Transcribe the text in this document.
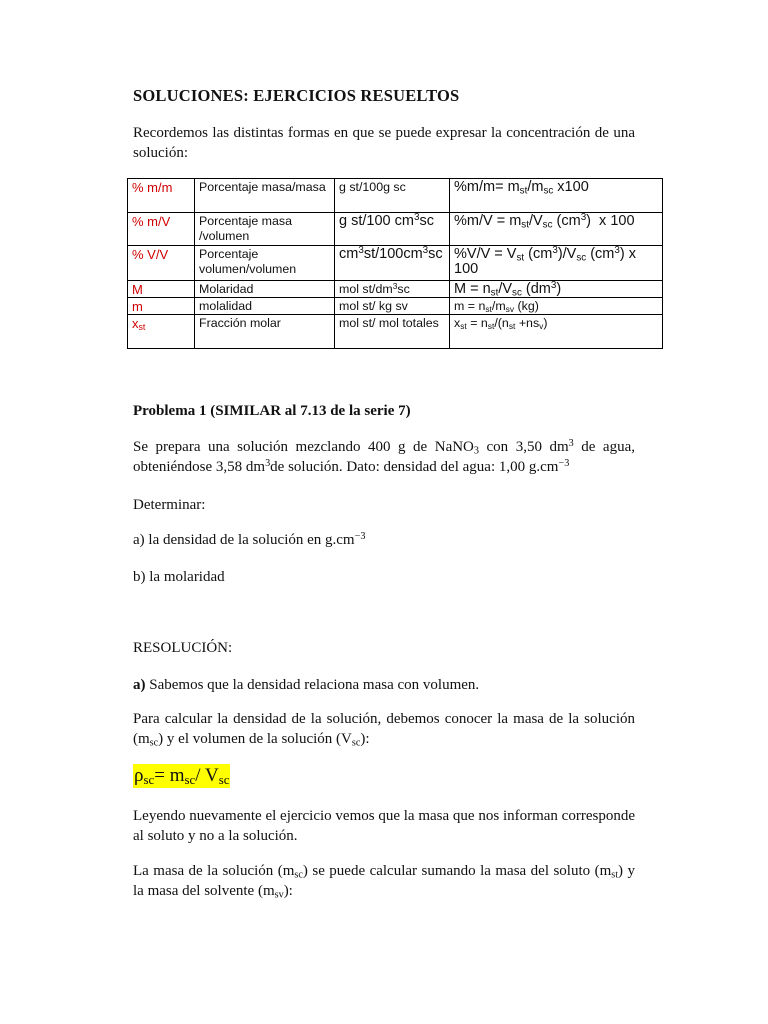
SOLUCIONES: EJERCICIOS RESUELTOS
Recordemos las distintas formas en que se puede expresar la concentración de una solución:
% m/m	Porcentaje masa/masa	g st/100g sc	$\%m/m= m_{st}/m_{sc}$ x100
% m/V	Porcentaje masa /volumen	g st/100 $cm^3sc$	$\%m/V = m_{st}/V_{sc}$ $(cm^3)$  x 100
% V/V	Porcentaje volumen/volumen	$cm^3st/100cm^3sc$	$\%V/V = V_{st}$ $(cm^3)/V_{sc}$ $(cm^3)$ x 100
M	Molaridad	mol $st/dm^3sc$	$M = n_{st}/V_{sc}$ $(dm^3)$
m	molalidad	mol st/ kg sv	$m = n_{st}/m_{sv}$ (kg)
$x_{st}$	Fracción molar	mol st/ mol totales	$x_{st} = n_{st}/(n_{st} +ns_v)$
Problema 1 (SIMILAR al 7.13 de la serie 7)
Se prepara una solución mezclando 400 g de NaNO$_3$ con 3,50 $dm^3$ de agua, obteniéndose 3,58 $dm^3de$ solución. Dato: densidad del agua: 1,00 $g.cm^{-3}$
Determinar:
a) la densidad de la solución en $g.cm^{-3}$
b) la molaridad
RESOLUCIÓN:
a) Sabemos que la densidad relaciona masa con volumen.
Para calcular la densidad de la solución, debemos conocer la masa de la solución $(m_{sc})$ y el volumen de la solución $(V_{sc})$:
$\rho_{sc}= m_{sc}/$ $V_{sc}$
Leyendo nuevamente el ejercicio vemos que la masa que nos informan corresponde al soluto y no a la solución.
La masa de la solución $(m_{sc})$ se puede calcular sumando la masa del soluto $(m_{st})$ y la masa del solvente $(m_{sv})$:
